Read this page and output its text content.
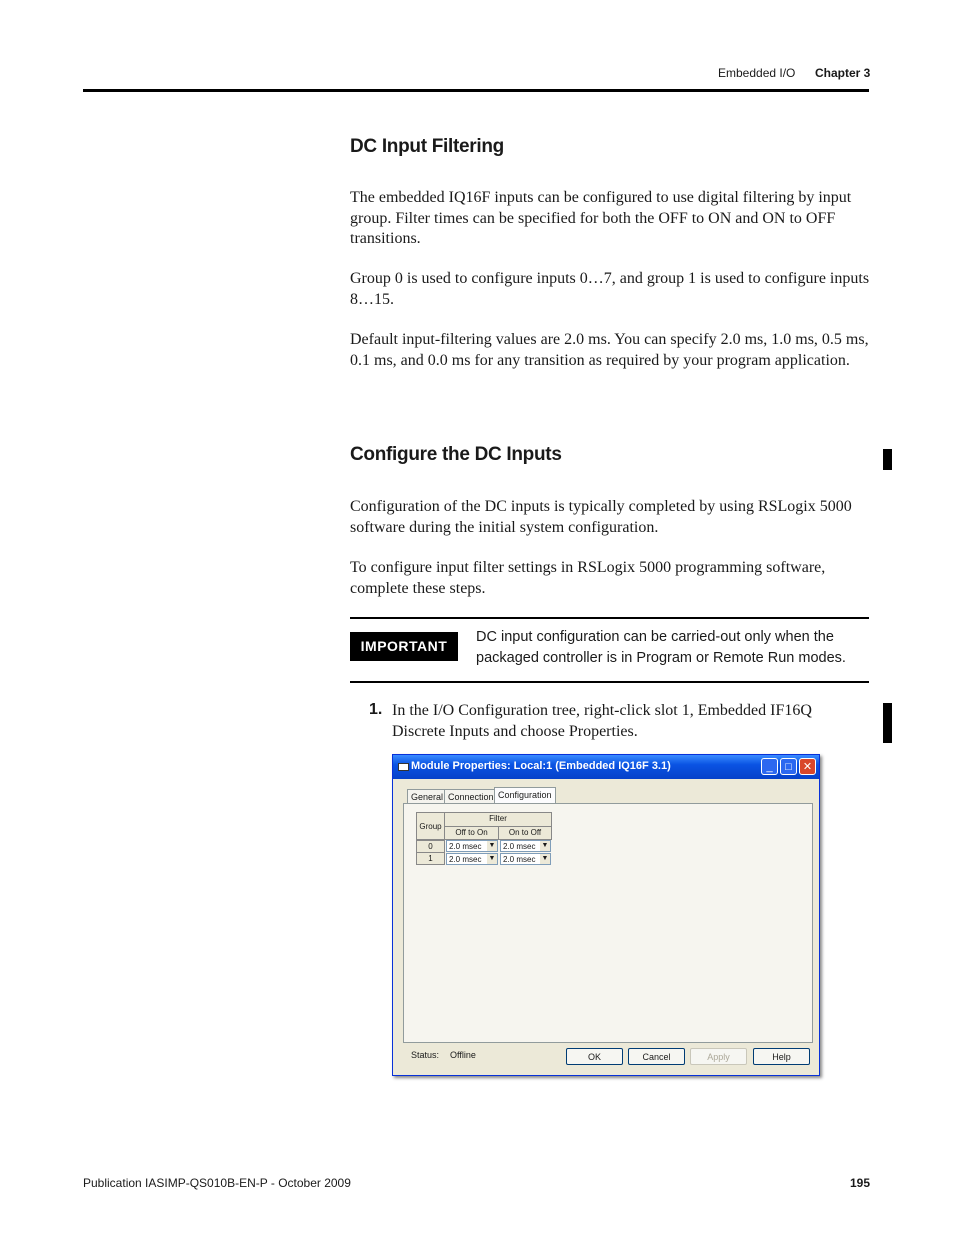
Embedded I/O Chapter 3
DC Input Filtering

The embedded IQ16F inputs can be configured to use digital filtering by input group. Filter times can be specified for both the OFF to ON and ON to OFF transitions.

Group 0 is used to configure inputs 0…7, and group 1 is used to configure inputs 8…15.

Default input-filtering values are 2.0 ms. You can specify 2.0 ms, 1.0 ms, 0.5 ms, 0.1 ms, and 0.0 ms for any transition as required by your program application.

Configure the DC Inputs

Configuration of the DC inputs is typically completed by using RSLogix 5000 software during the initial system configuration.

To configure input filter settings in RSLogix 5000 programming software, complete these steps.

IMPORTANT
DC input configuration can be carried-out only when the packaged controller is in Program or Remote Run modes.
1. In the I/O Configuration tree, right-click slot 1, Embedded IF16Q Discrete Inputs and choose Properties.
Module Properties: Local:1 (Embedded IQ16F 3.1)	_	□	✕
General Connection Configuration
Group
Filter
Off to On	On to Off
0	2.0 msec ▼ 2.0 msec ▼
1	2.0 msec ▼ 2.0 msec ▼
Status: Offline	OK	Cancel	Apply	Help
Publication IASIMP-QS010B-EN-P - October 2009	195
